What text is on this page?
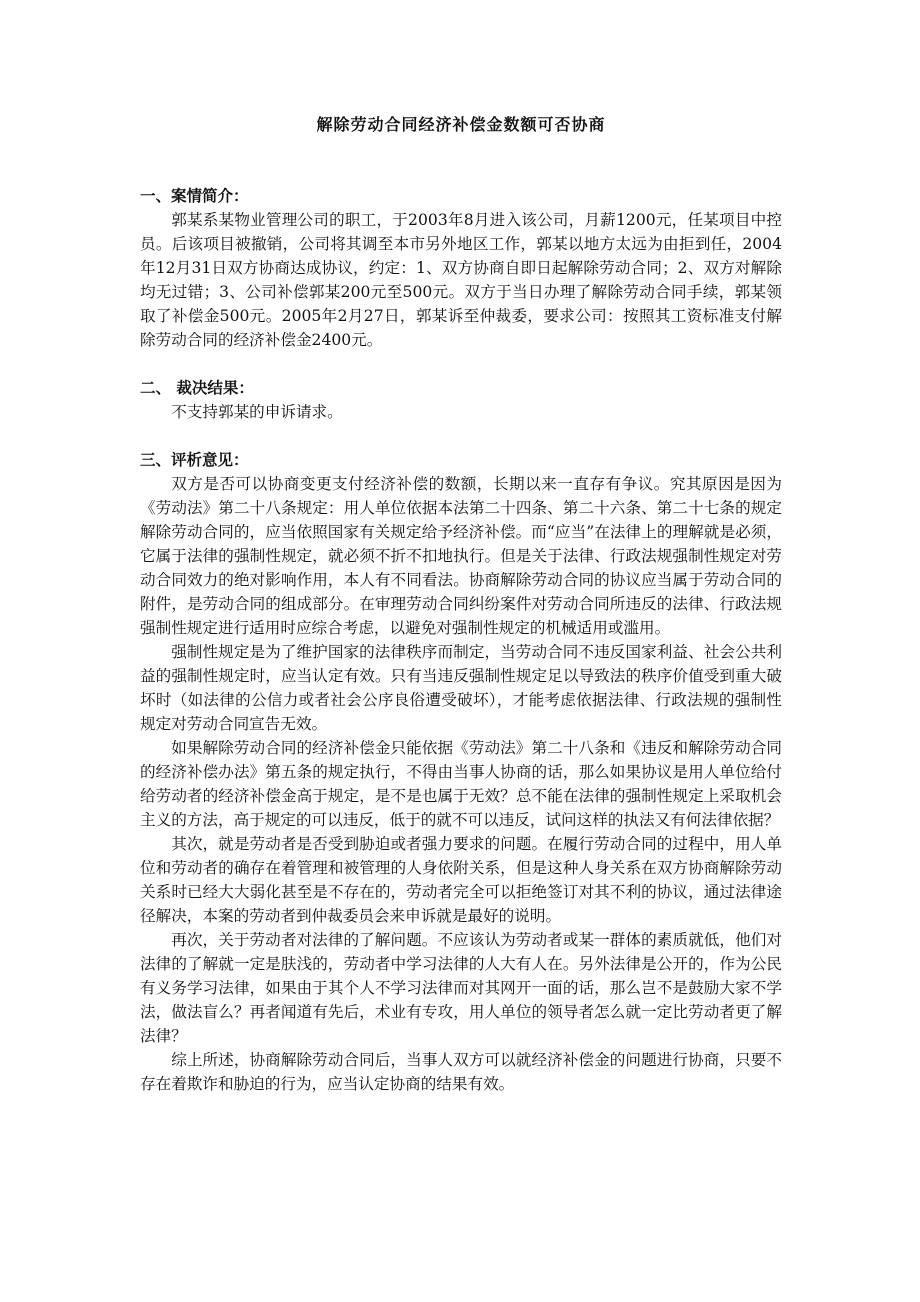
解除劳动合同经济补偿金数额可否协商

一、案情简介：

郭某系某物业管理公司的职工，于2003年8月进入该公司，月薪1200元，任某项目中控员。后该项目被撤销，公司将其调至本市另外地区工作，郭某以地方太远为由拒到任，2004年12月31日双方协商达成协议，约定：1、双方协商自即日起解除劳动合同；2、双方对解除均无过错；3、公司补偿郭某200元至500元。双方于当日办理了解除劳动合同手续，郭某领取了补偿金500元。2005年2月27日，郭某诉至仲裁委，要求公司：按照其工资标准支付解除劳动合同的经济补偿金2400元。

二、 裁决结果：

不支持郭某的申诉请求。

三、评析意见：

双方是否可以协商变更支付经济补偿的数额，长期以来一直存有争议。究其原因是因为《劳动法》第二十八条规定：用人单位依据本法第二十四条、第二十六条、第二十七条的规定解除劳动合同的，应当依照国家有关规定给予经济补偿。而“应当”在法律上的理解就是必须，它属于法律的强制性规定，就必须不折不扣地执行。但是关于法律、行政法规强制性规定对劳动合同效力的绝对影响作用，本人有不同看法。协商解除劳动合同的协议应当属于劳动合同的附件，是劳动合同的组成部分。在审理劳动合同纠纷案件对劳动合同所违反的法律、行政法规强制性规定进行适用时应综合考虑，以避免对强制性规定的机械适用或滥用。

强制性规定是为了维护国家的法律秩序而制定，当劳动合同不违反国家利益、社会公共利益的强制性规定时，应当认定有效。只有当违反强制性规定足以导致法的秩序价值受到重大破坏时（如法律的公信力或者社会公序良俗遭受破坏），才能考虑依据法律、行政法规的强制性规定对劳动合同宣告无效。

如果解除劳动合同的经济补偿金只能依据《劳动法》第二十八条和《违反和解除劳动合同的经济补偿办法》第五条的规定执行，不得由当事人协商的话，那么如果协议是用人单位给付给劳动者的经济补偿金高于规定，是不是也属于无效？总不能在法律的强制性规定上采取机会主义的方法，高于规定的可以违反，低于的就不可以违反，试问这样的执法又有何法律依据？

其次，就是劳动者是否受到胁迫或者强力要求的问题。在履行劳动合同的过程中，用人单位和劳动者的确存在着管理和被管理的人身依附关系，但是这种人身关系在双方协商解除劳动关系时已经大大弱化甚至是不存在的，劳动者完全可以拒绝签订对其不利的协议，通过法律途径解决，本案的劳动者到仲裁委员会来申诉就是最好的说明。

再次，关于劳动者对法律的了解问题。不应该认为劳动者或某一群体的素质就低，他们对法律的了解就一定是肤浅的，劳动者中学习法律的人大有人在。另外法律是公开的，作为公民有义务学习法律，如果由于其个人不学习法律而对其网开一面的话，那么岂不是鼓励大家不学法，做法盲么？再者闻道有先后，术业有专攻，用人单位的领导者怎么就一定比劳动者更了解法律？

综上所述，协商解除劳动合同后，当事人双方可以就经济补偿金的问题进行协商，只要不存在着欺诈和胁迫的行为，应当认定协商的结果有效。
